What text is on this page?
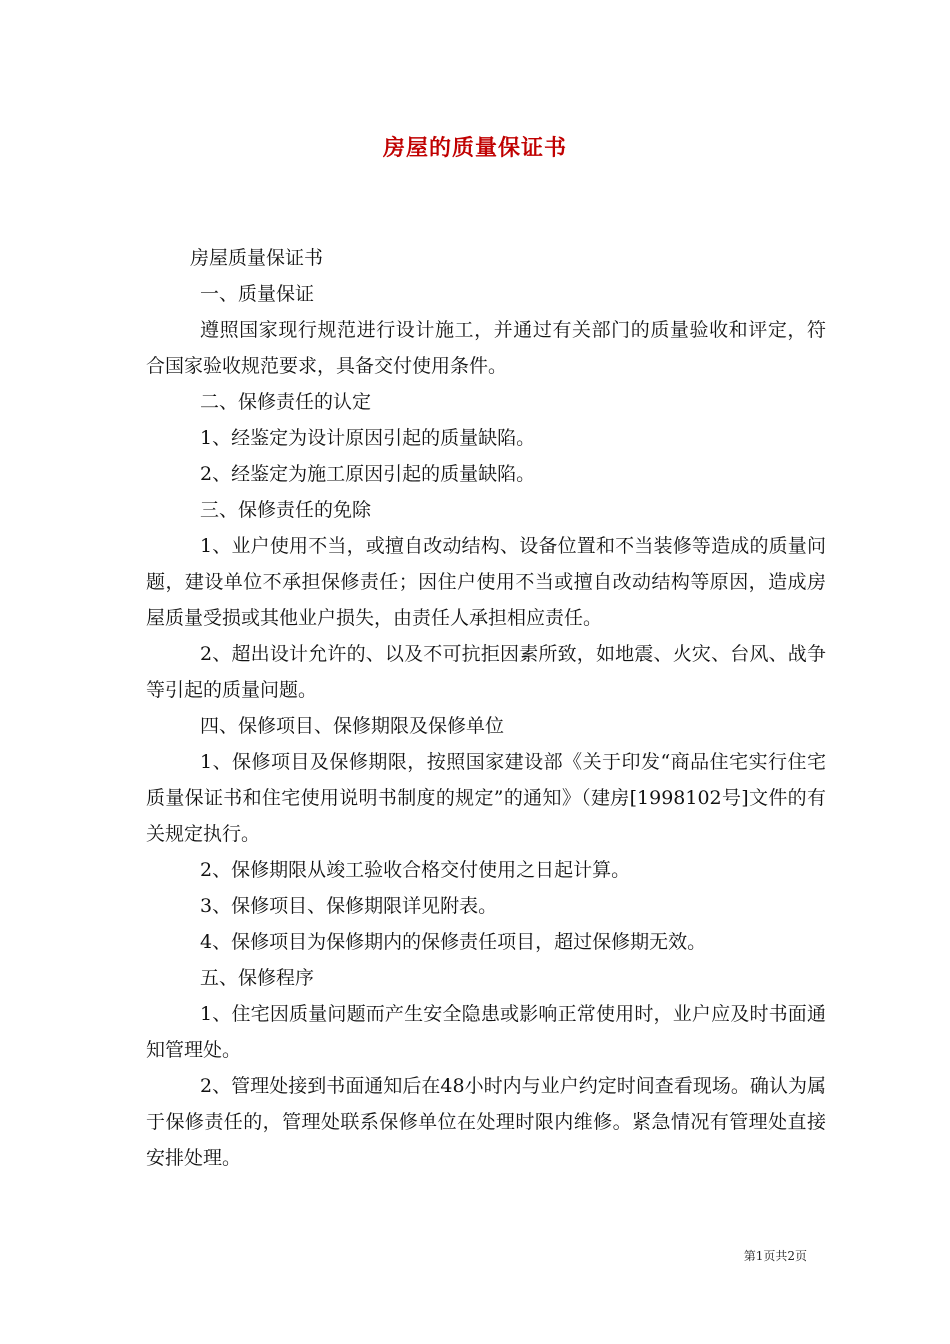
房屋的质量保证书

房屋质量保证书

一、质量保证

遵照国家现行规范进行设计施工，并通过有关部门的质量验收和评定，符合国家验收规范要求，具备交付使用条件。

二、保修责任的认定

1、经鉴定为设计原因引起的质量缺陷。

2、经鉴定为施工原因引起的质量缺陷。

三、保修责任的免除

1、业户使用不当，或擅自改动结构、设备位置和不当装修等造成的质量问题，建设单位不承担保修责任；因住户使用不当或擅自改动结构等原因，造成房屋质量受损或其他业户损失，由责任人承担相应责任。

2、超出设计允许的、以及不可抗拒因素所致，如地震、火灾、台风、战争等引起的质量问题。

四、保修项目、保修期限及保修单位

1、保修项目及保修期限，按照国家建设部《关于印发“商品住宅实行住宅质量保证书和住宅使用说明书制度的规定”的通知》（建房[1998102号]文件的有关规定执行。

2、保修期限从竣工验收合格交付使用之日起计算。

3、保修项目、保修期限详见附表。

4、保修项目为保修期内的保修责任项目，超过保修期无效。

五、保修程序

1、住宅因质量问题而产生安全隐患或影响正常使用时，业户应及时书面通知管理处。

2、管理处接到书面通知后在48小时内与业户约定时间查看现场。确认为属于保修责任的，管理处联系保修单位在处理时限内维修。紧急情况有管理处直接安排处理。

第1页共2页
